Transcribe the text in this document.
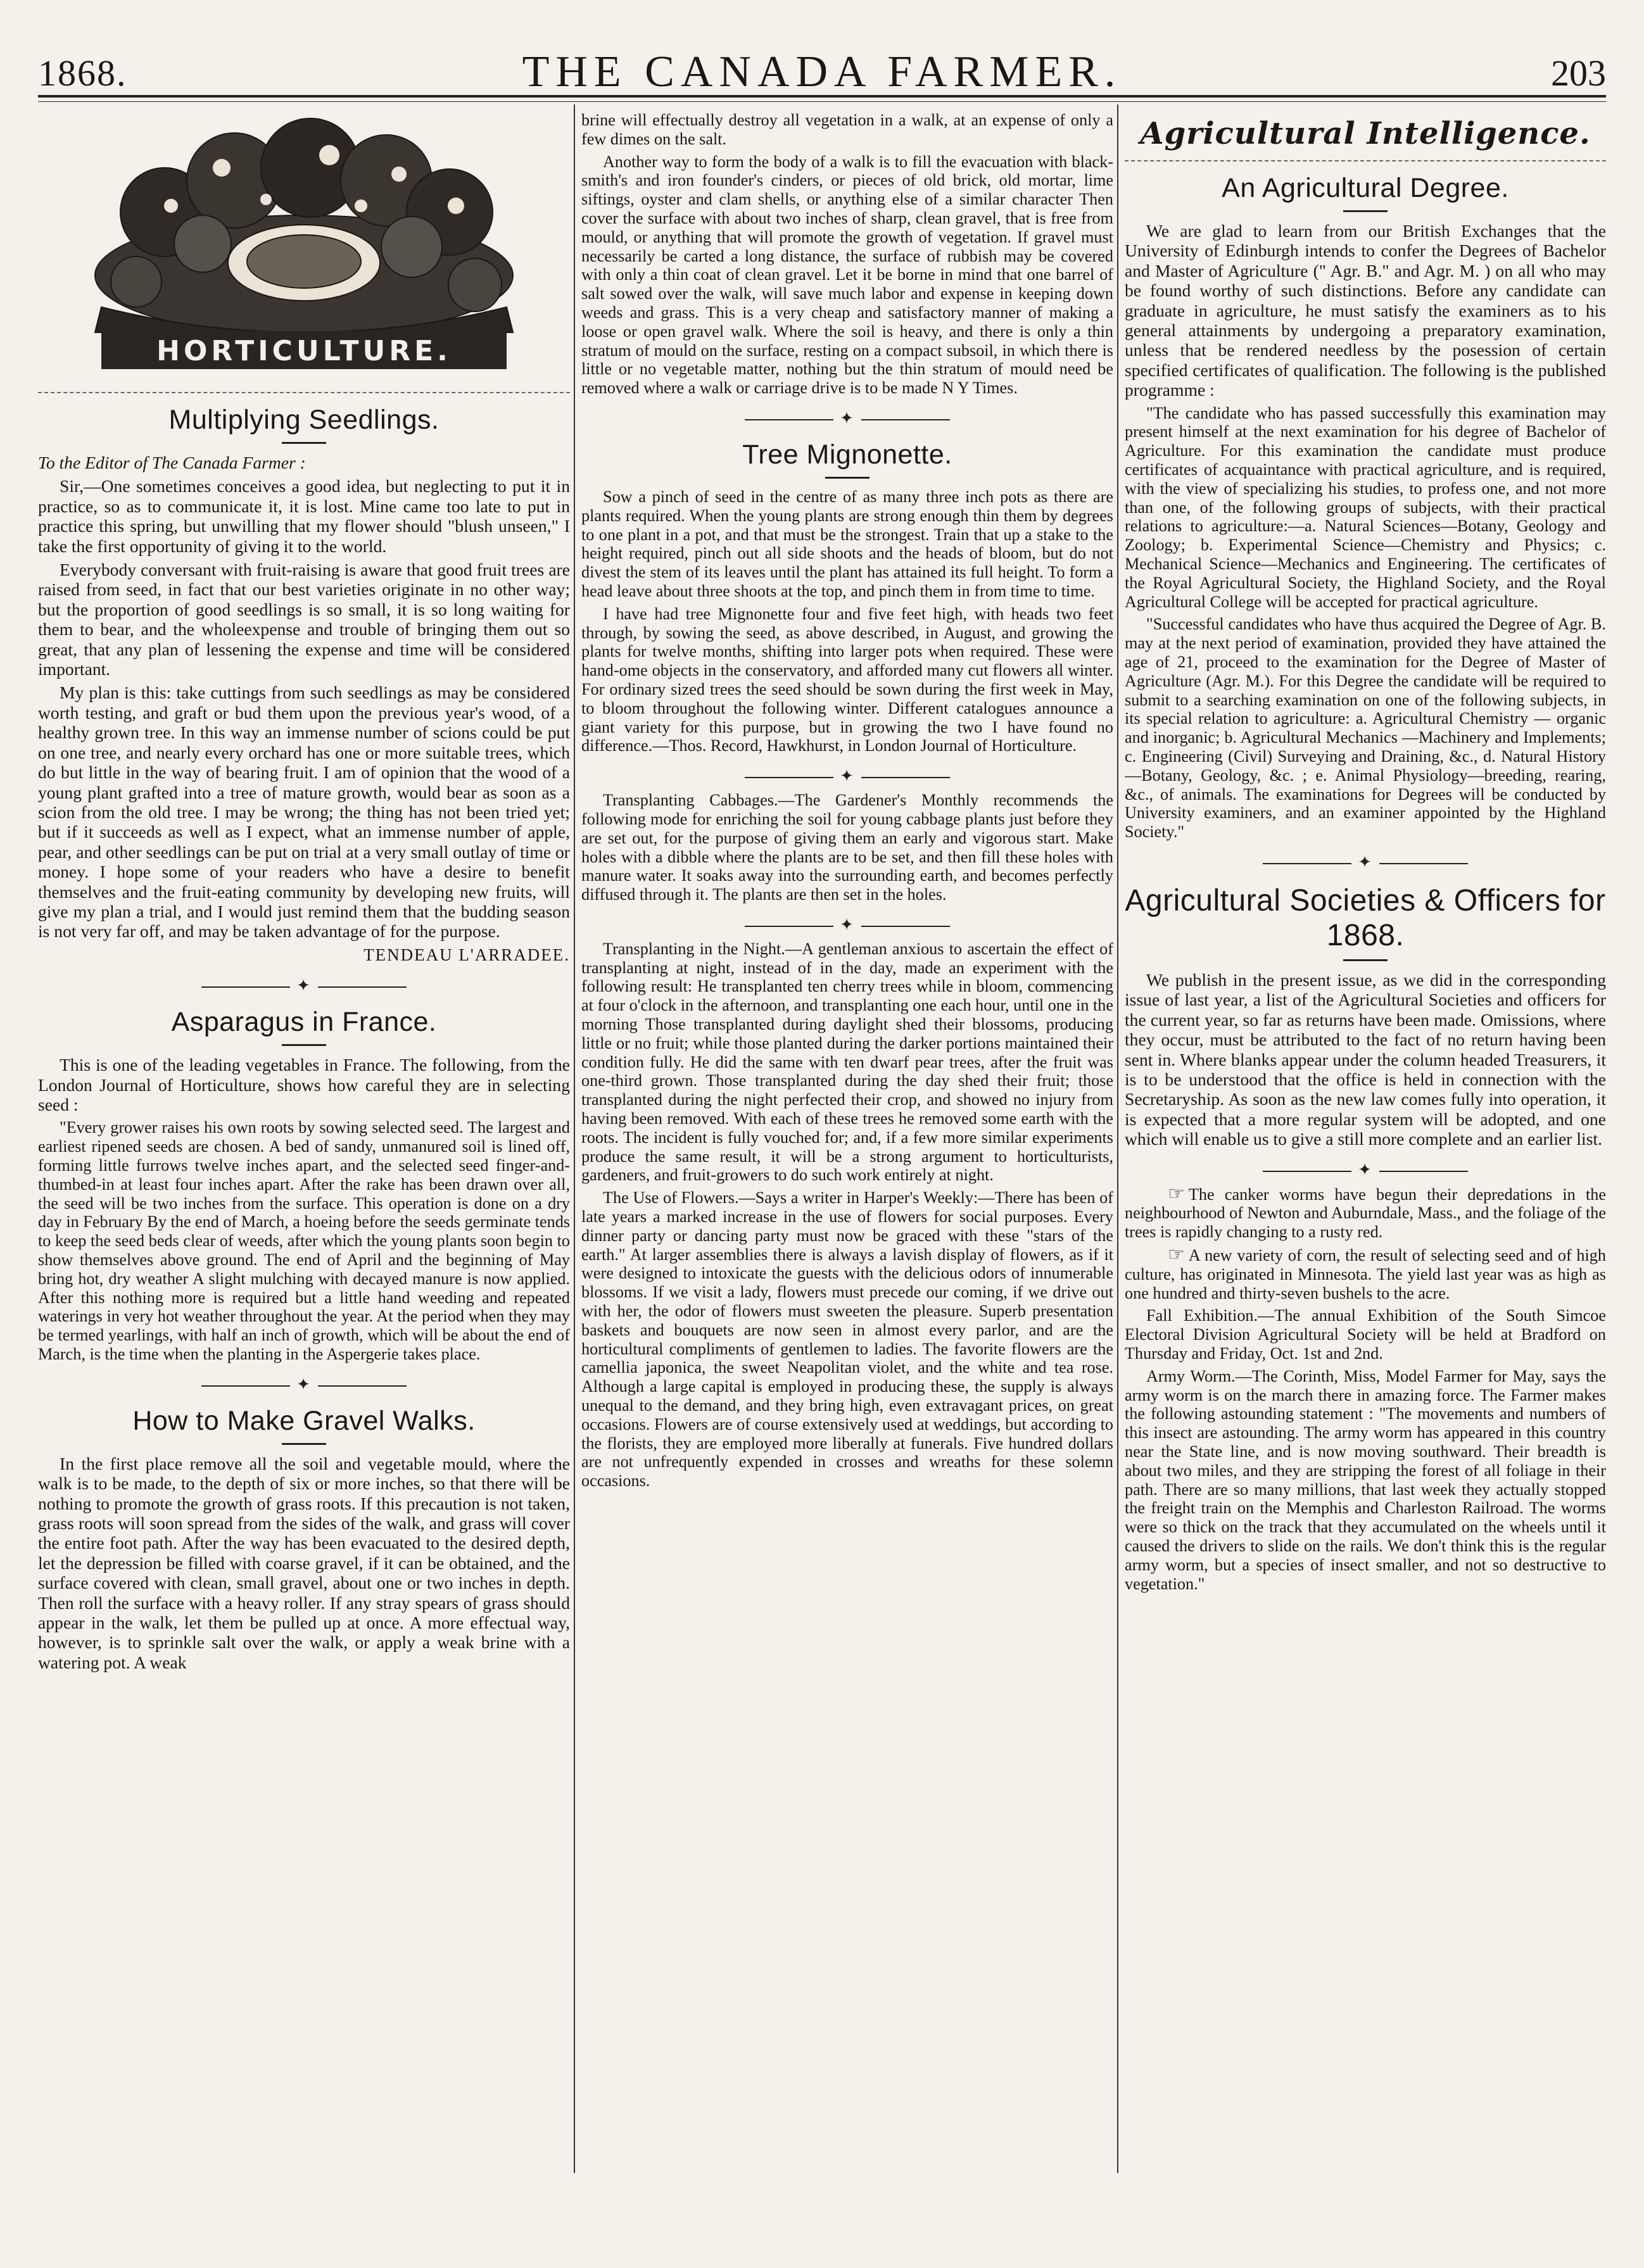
1868.	THE CANADA FARMER.	203
HORTICULTURE.
Multiplying Seedlings.

To the Editor of The Canada Farmer :

Sir,—One sometimes conceives a good idea, but neglecting to put it in practice, so as to communicate it, it is lost. Mine came too late to put in practice this spring, but unwilling that my flower should "blush unseen," I take the first opportunity of giving it to the world.

Everybody conversant with fruit-raising is aware that good fruit trees are raised from seed, in fact that our best varieties originate in no other way; but the proportion of good seedlings is so small, it is so long waiting for them to bear, and the wholeexpense and trouble of bringing them out so great, that any plan of lessening the expense and time will be considered important.

My plan is this: take cuttings from such seedlings as may be considered worth testing, and graft or bud them upon the previous year's wood, of a healthy grown tree. In this way an immense number of scions could be put on one tree, and nearly every orchard has one or more suitable trees, which do but little in the way of bearing fruit. I am of opinion that the wood of a young plant grafted into a tree of mature growth, would bear as soon as a scion from the old tree. I may be wrong; the thing has not been tried yet; but if it succeeds as well as I expect, what an immense number of apple, pear, and other seedlings can be put on trial at a very small outlay of time or money. I hope some of your readers who have a desire to benefit themselves and the fruit-eating community by developing new fruits, will give my plan a trial, and I would just remind them that the budding season is not very far off, and may be taken advantage of for the purpose.

TENDEAU L'ARRADEE.

✦
Asparagus in France.

This is one of the leading vegetables in France. The following, from the London Journal of Horticulture, shows how careful they are in selecting seed :

"Every grower raises his own roots by sowing selected seed. The largest and earliest ripened seeds are chosen. A bed of sandy, unmanured soil is lined off, forming little furrows twelve inches apart, and the selected seed finger-and-thumbed-in at least four inches apart. After the rake has been drawn over all, the seed will be two inches from the surface. This operation is done on a dry day in February By the end of March, a hoeing before the seeds germinate tends to keep the seed beds clear of weeds, after which the young plants soon begin to show themselves above ground. The end of April and the beginning of May bring hot, dry weather A slight mulching with decayed manure is now applied. After this nothing more is required but a little hand weeding and repeated waterings in very hot weather throughout the year. At the period when they may be termed yearlings, with half an inch of growth, which will be about the end of March, is the time when the planting in the Aspergerie takes place.

✦
How to Make Gravel Walks.

In the first place remove all the soil and vegetable mould, where the walk is to be made, to the depth of six or more inches, so that there will be nothing to promote the growth of grass roots. If this precaution is not taken, grass roots will soon spread from the sides of the walk, and grass will cover the entire foot path. After the way has been evacuated to the desired depth, let the depression be filled with coarse gravel, if it can be obtained, and the surface covered with clean, small gravel, about one or two inches in depth. Then roll the surface with a heavy roller. If any stray spears of grass should appear in the walk, let them be pulled up at once. A more effectual way, however, is to sprinkle salt over the walk, or apply a weak brine with a watering pot. A weak

brine will effectually destroy all vegetation in a walk, at an expense of only a few dimes on the salt.

Another way to form the body of a walk is to fill the evacuation with black-smith's and iron founder's cinders, or pieces of old brick, old mortar, lime siftings, oyster and clam shells, or anything else of a similar character Then cover the surface with about two inches of sharp, clean gravel, that is free from mould, or anything that will promote the growth of vegetation. If gravel must necessarily be carted a long distance, the surface of rubbish may be covered with only a thin coat of clean gravel. Let it be borne in mind that one barrel of salt sowed over the walk, will save much labor and expense in keeping down weeds and grass. This is a very cheap and satisfactory manner of making a loose or open gravel walk. Where the soil is heavy, and there is only a thin stratum of mould on the surface, resting on a compact subsoil, in which there is little or no vegetable matter, nothing but the thin stratum of mould need be removed where a walk or carriage drive is to be made N Y Times.

✦
Tree Mignonette.

Sow a pinch of seed in the centre of as many three inch pots as there are plants required. When the young plants are strong enough thin them by degrees to one plant in a pot, and that must be the strongest. Train that up a stake to the height required, pinch out all side shoots and the heads of bloom, but do not divest the stem of its leaves until the plant has attained its full height. To form a head leave about three shoots at the top, and pinch them in from time to time.

I have had tree Mignonette four and five feet high, with heads two feet through, by sowing the seed, as above described, in August, and growing the plants for twelve months, shifting into larger pots when required. These were hand-ome objects in the conservatory, and afforded many cut flowers all winter. For ordinary sized trees the seed should be sown during the first week in May, to bloom throughout the following winter. Different catalogues announce a giant variety for this purpose, but in growing the two I have found no difference.—Thos. Record, Hawkhurst, in London Journal of Horticulture.

✦

Transplanting Cabbages.—The Gardener's Monthly recommends the following mode for enriching the soil for young cabbage plants just before they are set out, for the purpose of giving them an early and vigorous start. Make holes with a dibble where the plants are to be set, and then fill these holes with manure water. It soaks away into the surrounding earth, and becomes perfectly diffused through it. The plants are then set in the holes.

✦

Transplanting in the Night.—A gentleman anxious to ascertain the effect of transplanting at night, instead of in the day, made an experiment with the following result: He transplanted ten cherry trees while in bloom, commencing at four o'clock in the afternoon, and transplanting one each hour, until one in the morning Those transplanted during daylight shed their blossoms, producing little or no fruit; while those planted during the darker portions maintained their condition fully. He did the same with ten dwarf pear trees, after the fruit was one-third grown. Those transplanted during the day shed their fruit; those transplanted during the night perfected their crop, and showed no injury from having been removed. With each of these trees he removed some earth with the roots. The incident is fully vouched for; and, if a few more similar experiments produce the same result, it will be a strong argument to horticulturists, gardeners, and fruit-growers to do such work entirely at night.

The Use of Flowers.—Says a writer in Harper's Weekly:—There has been of late years a marked increase in the use of flowers for social purposes. Every dinner party or dancing party must now be graced with these "stars of the earth." At larger assemblies there is always a lavish display of flowers, as if it were designed to intoxicate the guests with the delicious odors of innumerable blossoms. If we visit a lady, flowers must precede our coming, if we drive out with her, the odor of flowers must sweeten the pleasure. Superb presentation baskets and bouquets are now seen in almost every parlor, and are the horticultural compliments of gentlemen to ladies. The favorite flowers are the camellia japonica, the sweet Neapolitan violet, and the white and tea rose. Although a large capital is employed in producing these, the supply is always unequal to the demand, and they bring high, even extravagant prices, on great occasions. Flowers are of course extensively used at weddings, but according to the florists, they are employed more liberally at funerals. Five hundred dollars are not unfrequently expended in crosses and wreaths for these solemn occasions.

Agricultural Intelligence.
An Agricultural Degree.

We are glad to learn from our British Exchanges that the University of Edinburgh intends to confer the Degrees of Bachelor and Master of Agriculture (" Agr. B." and Agr. M. ) on all who may be found worthy of such distinctions. Before any candidate can graduate in agriculture, he must satisfy the examiners as to his general attainments by undergoing a preparatory examination, unless that be rendered needless by the posession of certain specified certificates of qualification. The following is the published programme :

"The candidate who has passed successfully this examination may present himself at the next examination for his degree of Bachelor of Agriculture. For this examination the candidate must produce certificates of acquaintance with practical agriculture, and is required, with the view of specializing his studies, to profess one, and not more than one, of the following groups of subjects, with their practical relations to agriculture:—a. Natural Sciences—Botany, Geology and Zoology; b. Experimental Science—Chemistry and Physics; c. Mechanical Science—Mechanics and Engineering. The certificates of the Royal Agricultural Society, the Highland Society, and the Royal Agricultural College will be accepted for practical agriculture.

"Successful candidates who have thus acquired the Degree of Agr. B. may at the next period of examination, provided they have attained the age of 21, proceed to the examination for the Degree of Master of Agriculture (Agr. M.). For this Degree the candidate will be required to submit to a searching examination on one of the following subjects, in its special relation to agriculture: a. Agricultural Chemistry — organic and inorganic; b. Agricultural Mechanics —Machinery and Implements; c. Engineering (Civil) Surveying and Draining, &c., d. Natural History—Botany, Geology, &c. ; e. Animal Physiology—breeding, rearing, &c., of animals. The examinations for Degrees will be conducted by University examiners, and an examiner appointed by the Highland Society."

✦
Agricultural Societies & Officers for 1868.

We publish in the present issue, as we did in the corresponding issue of last year, a list of the Agricultural Societies and officers for the current year, so far as returns have been made. Omissions, where they occur, must be attributed to the fact of no return having been sent in. Where blanks appear under the column headed Treasurers, it is to be understood that the office is held in connection with the Secretaryship. As soon as the new law comes fully into operation, it is expected that a more regular system will be adopted, and one which will enable us to give a still more complete and an earlier list.

✦

☞ The canker worms have begun their depredations in the neighbourhood of Newton and Auburndale, Mass., and the foliage of the trees is rapidly changing to a rusty red.

☞ A new variety of corn, the result of selecting seed and of high culture, has originated in Minnesota. The yield last year was as high as one hundred and thirty-seven bushels to the acre.

Fall Exhibition.—The annual Exhibition of the South Simcoe Electoral Division Agricultural Society will be held at Bradford on Thursday and Friday, Oct. 1st and 2nd.

Army Worm.—The Corinth, Miss, Model Farmer for May, says the army worm is on the march there in amazing force. The Farmer makes the following astounding statement : "The movements and numbers of this insect are astounding. The army worm has appeared in this country near the State line, and is now moving southward. Their breadth is about two miles, and they are stripping the forest of all foliage in their path. There are so many millions, that last week they actually stopped the freight train on the Memphis and Charleston Railroad. The worms were so thick on the track that they accumulated on the wheels until it caused the drivers to slide on the rails. We don't think this is the regular army worm, but a species of insect smaller, and not so destructive to vegetation."
